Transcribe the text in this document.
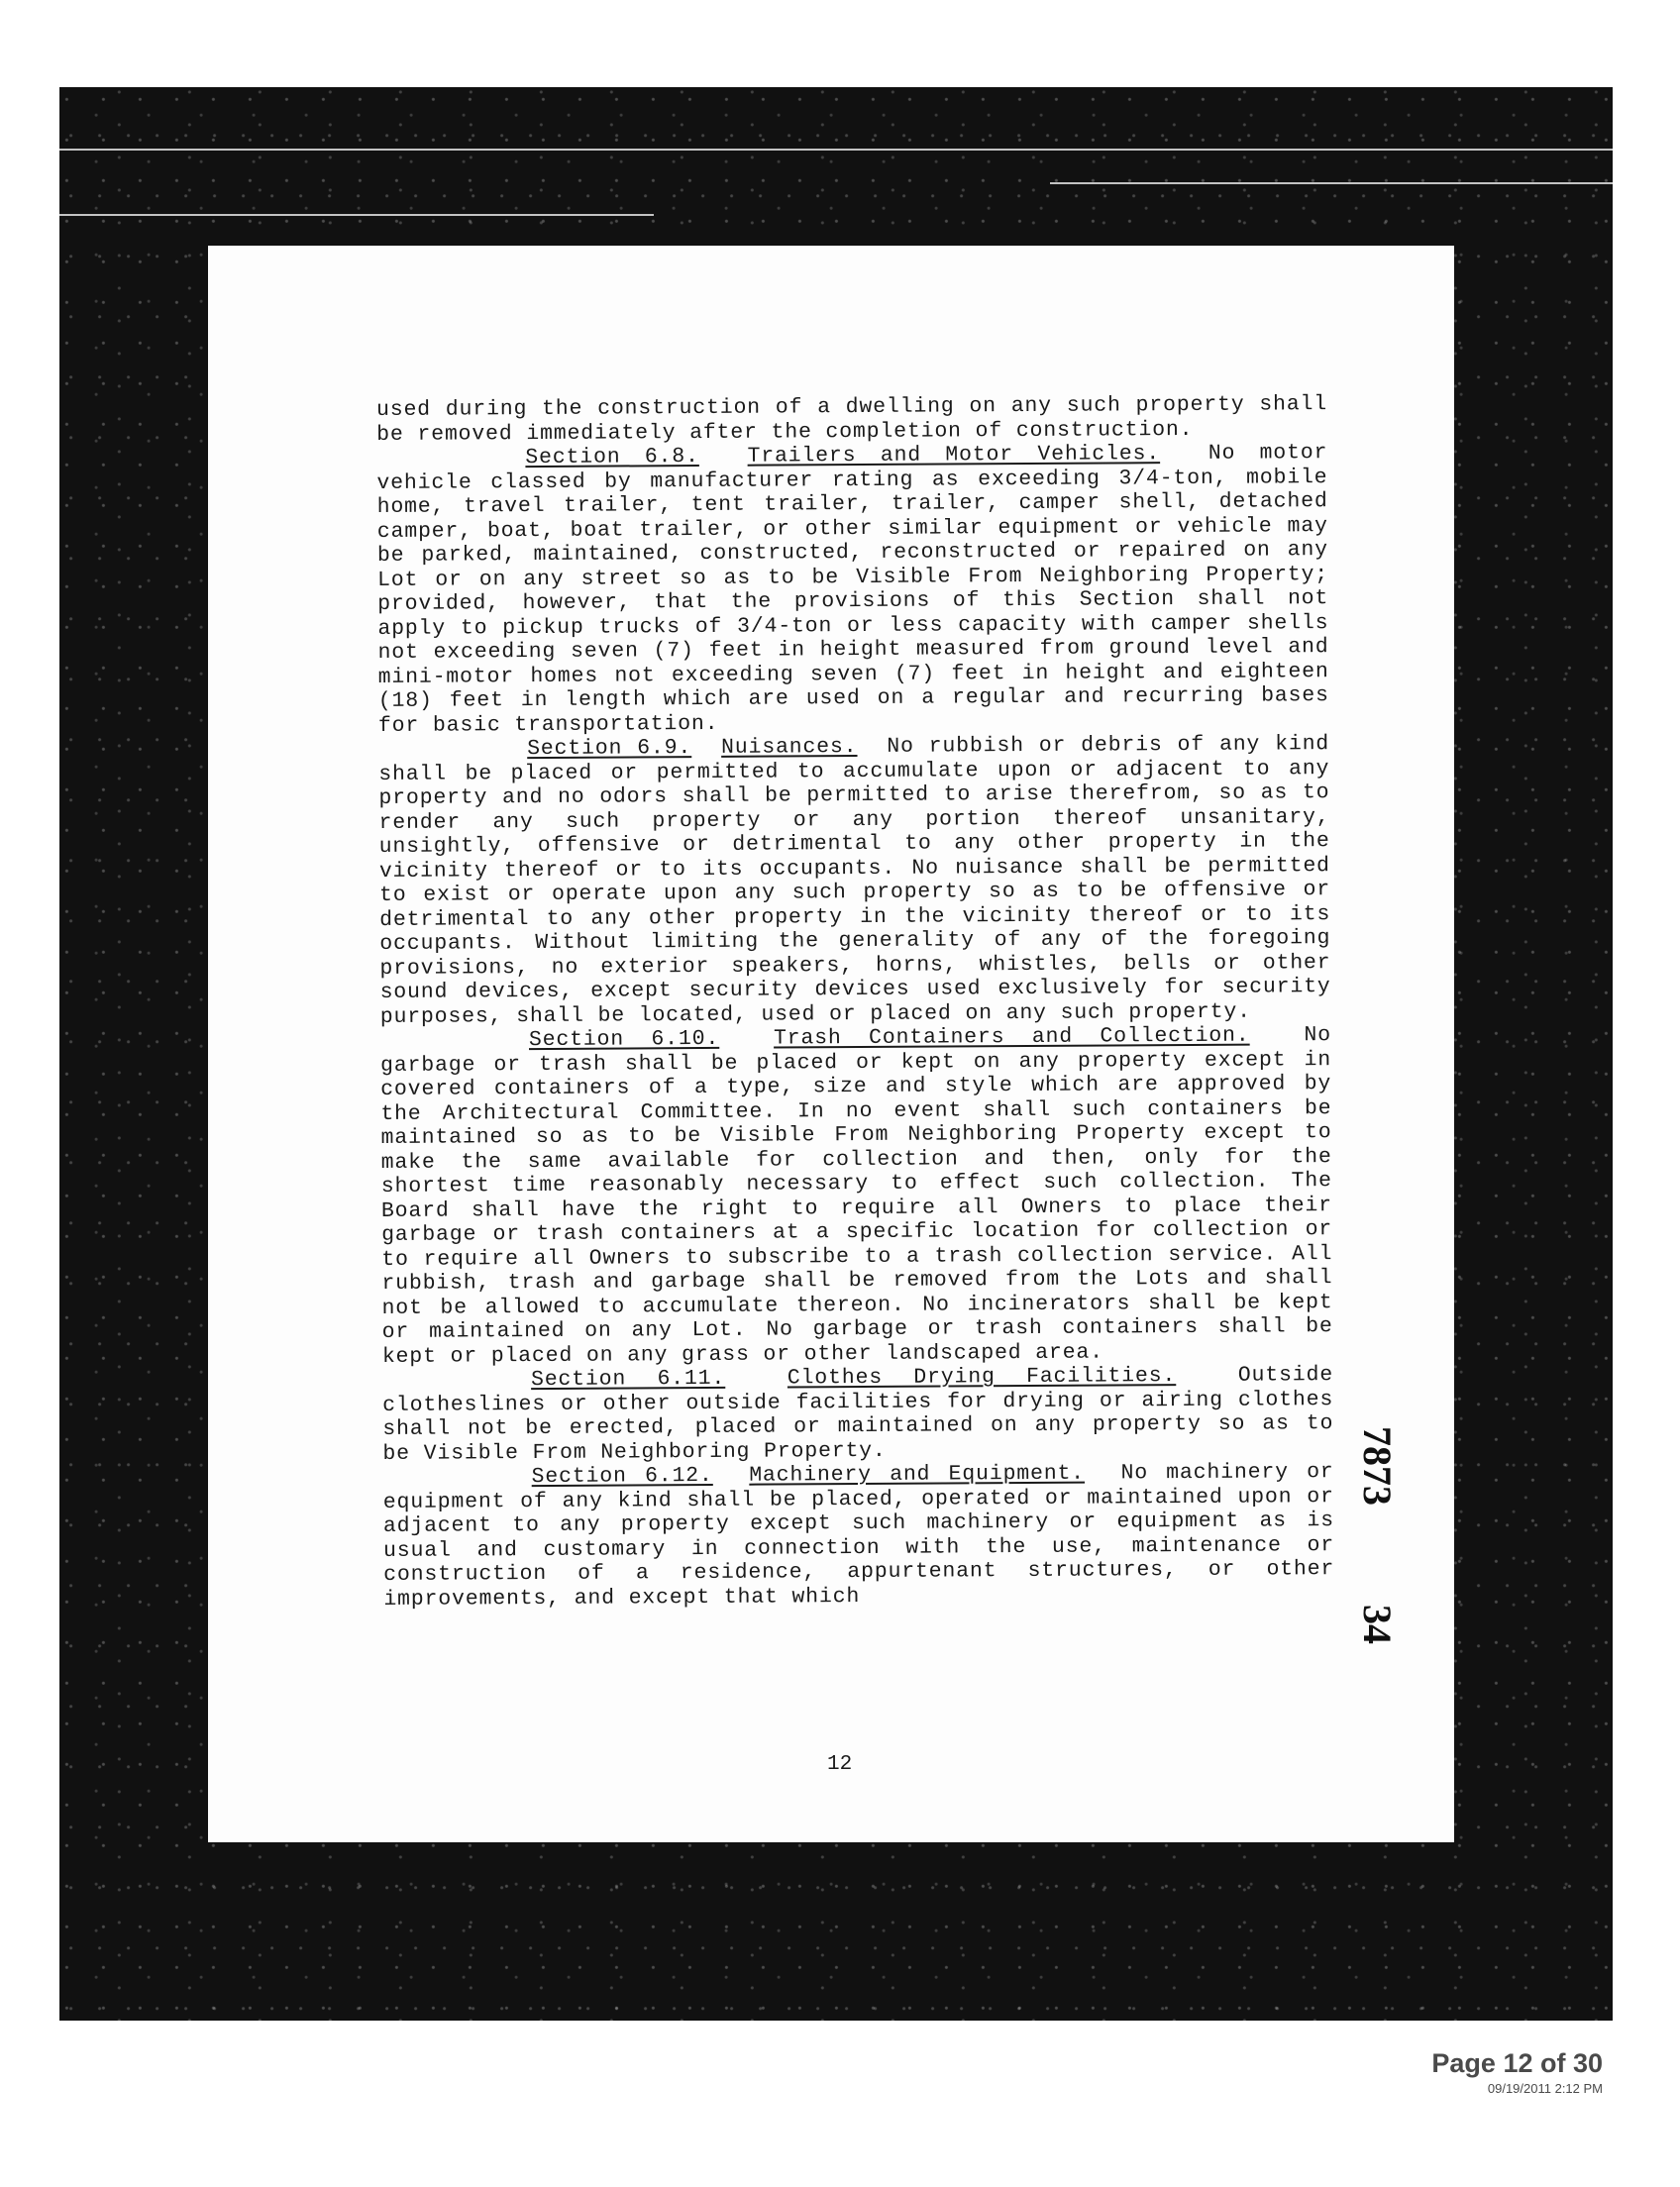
used during the construction of a dwelling on any such property shall be removed immediately after the completion of construction.

Section 6.8. Trailers and Motor Vehicles. No motor vehicle classed by manufacturer rating as exceeding 3/4-ton, mobile home, travel trailer, tent trailer, trailer, camper shell, detached camper, boat, boat trailer, or other similar equipment or vehicle may be parked, maintained, constructed, reconstructed or repaired on any Lot or on any street so as to be Visible From Neighboring Property; provided, however, that the provisions of this Section shall not apply to pickup trucks of 3/4-ton or less capacity with camper shells not exceeding seven (7) feet in height measured from ground level and mini-motor homes not exceeding seven (7) feet in height and eighteen (18) feet in length which are used on a regular and recurring bases for basic transportation.

Section 6.9. Nuisances. No rubbish or debris of any kind shall be placed or permitted to accumulate upon or adjacent to any property and no odors shall be permitted to arise therefrom, so as to render any such property or any portion thereof unsanitary, unsightly, offensive or detrimental to any other property in the vicinity thereof or to its occupants. No nuisance shall be permitted to exist or operate upon any such property so as to be offensive or detrimental to any other property in the vicinity thereof or to its occupants. Without limiting the generality of any of the foregoing provisions, no exterior speakers, horns, whistles, bells or other sound devices, except security devices used exclusively for security purposes, shall be located, used or placed on any such property.

Section 6.10.	Trash Containers and Collection.	No garbage or trash shall be placed or kept on any property except in covered containers of a type, size and style which are approved by the Architectural Committee. In no event shall such containers be maintained so as to be Visible From Neighboring Property except to make the same available for collection and then, only for the shortest time reasonably necessary to effect such collection. The Board shall have the right to require all Owners to place their garbage or trash containers at a specific location for collection or to require all Owners to subscribe to a trash collection service. All rubbish, trash and garbage shall be removed from the Lots and shall not be allowed to accumulate thereon. No incinerators shall be kept or maintained on any Lot. No garbage or trash containers shall be kept or placed on any grass or other landscaped area.

Section 6.11.	Clothes Drying Facilities.	Outside clotheslines or other outside facilities for drying or airing clothes shall not be erected, placed or maintained on any property so as to be Visible From Neighboring Property.

Section 6.12. Machinery and Equipment. No machinery or equipment of any kind shall be placed, operated or maintained upon or adjacent to any property except such machinery or equipment as is usual and customary in connection with the use, maintenance or construction of a residence, appurtenant structures, or other improvements, and except that which

12
7873
34
Page 12 of 30
09/19/2011 2:12 PM
